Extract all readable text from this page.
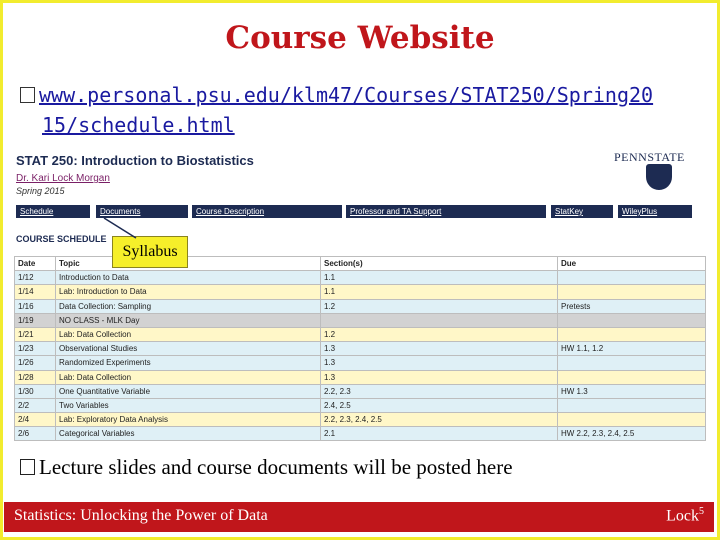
Course Website
www.personal.psu.edu/klm47/Courses/STAT250/Spring20
15/schedule.html
STAT 250: Introduction to Biostatistics
Dr. Kari Lock Morgan
Spring 2015
PENNSTATE
Schedule	Documents	Course Description	Professor and TA Support	StatKey	WileyPlus
COURSE SCHEDULE
Date	Topic	Section(s)	Due
1/12	Introduction to Data	1.1	
1/14	Lab: Introduction to Data	1.1	
1/16	Data Collection: Sampling	1.2	Pretests
1/19	NO CLASS - MLK Day		
1/21	Lab: Data Collection	1.2	
1/23	Observational Studies	1.3	HW 1.1, 1.2
1/26	Randomized Experiments	1.3	
1/28	Lab: Data Collection	1.3	
1/30	One Quantitative Variable	2.2, 2.3	HW 1.3
2/2	Two Variables	2.4, 2.5	
2/4	Lab: Exploratory Data Analysis	2.2, 2.3, 2.4, 2.5	
2/6	Categorical Variables	2.1	HW 2.2, 2.3, 2.4, 2.5
Syllabus
Lecture slides and course documents will be posted here
Statistics: Unlocking the Power of Data	Lock$^5$
